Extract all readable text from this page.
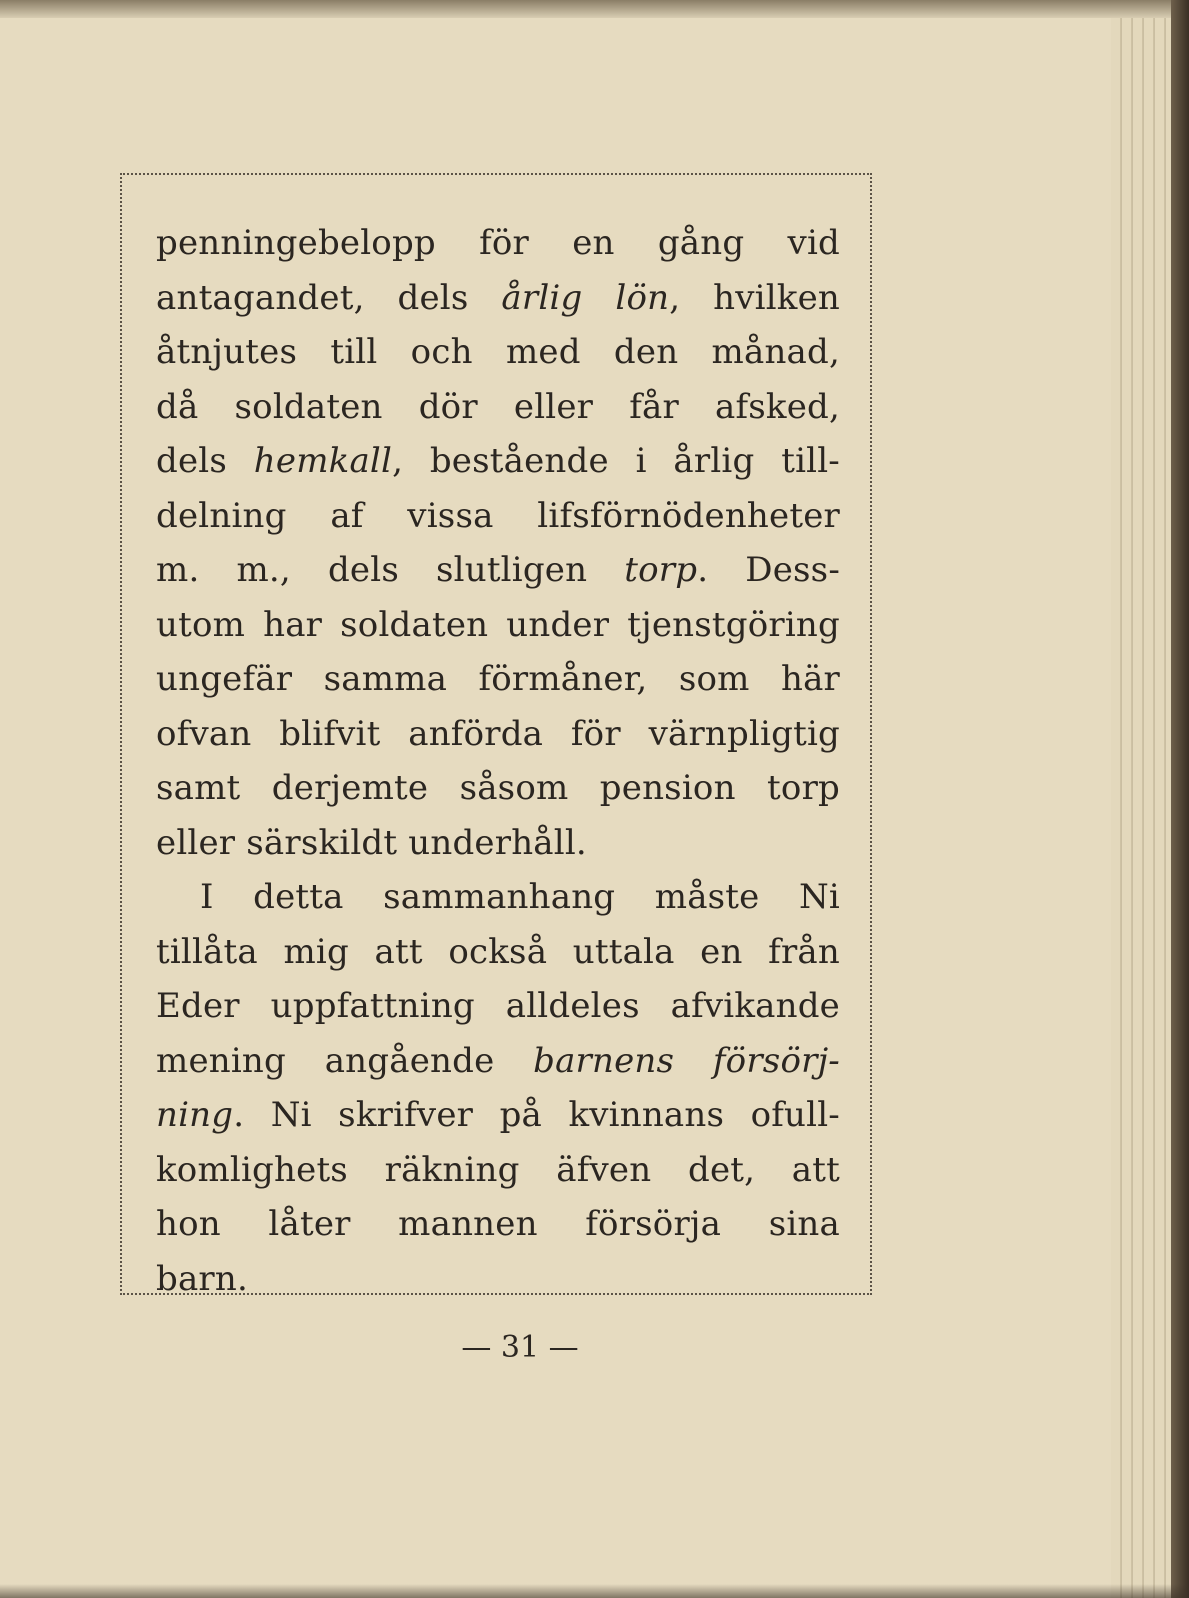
penningebelopp för en gång vid
antagandet, dels årlig lön, hvilken
åtnjutes till och med den månad,
då soldaten dör eller får afsked,
dels hemkall, bestående i årlig till-
delning af vissa lifsförnödenheter
m. m., dels slutligen torp. Dess-
utom har soldaten under tjenstgöring
ungefär samma förmåner, som här
ofvan blifvit anförda för värnpligtig
samt derjemte såsom pension torp
eller särskildt underhåll.
I detta sammanhang måste Ni
tillåta mig att också uttala en från
Eder uppfattning alldeles afvikande
mening angående barnens försörj-
ning. Ni skrifver på kvinnans ofull-
komlighets räkning äfven det, att
hon låter mannen försörja sina
barn.
— 31 —
